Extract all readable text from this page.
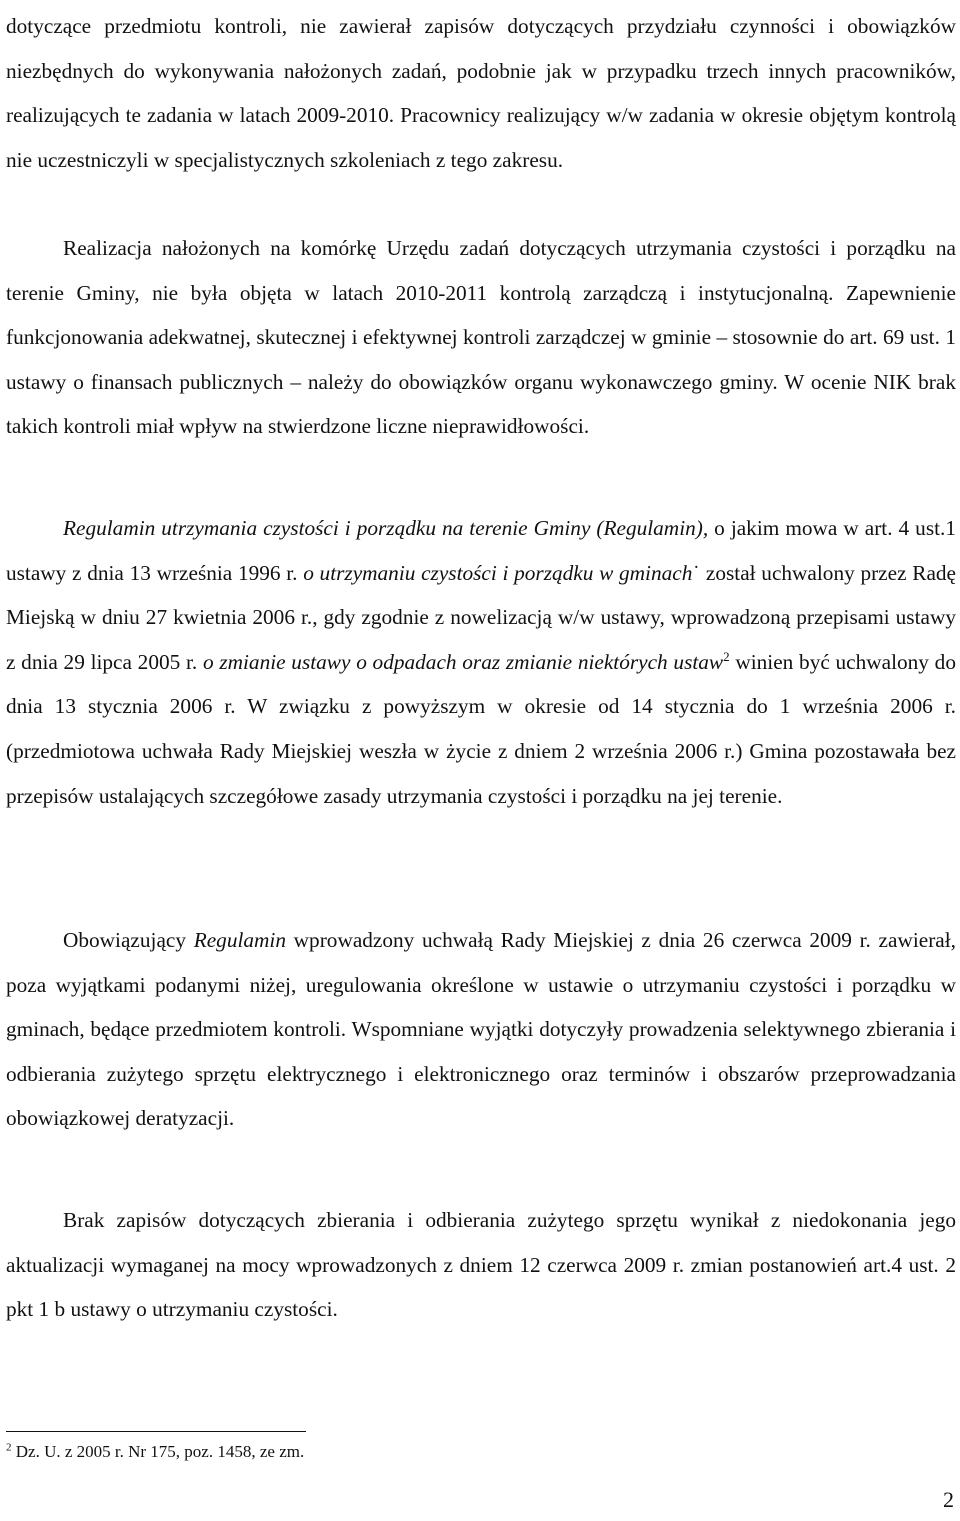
dotyczące przedmiotu kontroli, nie zawierał zapisów dotyczących przydziału czynności i obowiązków niezbędnych do wykonywania nałożonych zadań, podobnie jak w przypadku trzech innych pracowników, realizujących te zadania w latach 2009-2010. Pracownicy realizujący w/w zadania w okresie objętym kontrolą nie uczestniczyli w specjalistycznych szkoleniach z tego zakresu.

Realizacja nałożonych na komórkę Urzędu zadań dotyczących utrzymania czystości i porządku na terenie Gminy, nie była objęta w latach 2010-2011 kontrolą zarządczą i instytucjonalną. Zapewnienie funkcjonowania adekwatnej, skutecznej i efektywnej kontroli zarządczej w gminie – stosownie do art. 69 ust. 1 ustawy o finansach publicznych – należy do obowiązków organu wykonawczego gminy. W ocenie NIK brak takich kontroli miał wpływ na stwierdzone liczne nieprawidłowości.

Regulamin utrzymania czystości i porządku na terenie Gminy (Regulamin), o jakim mowa w art. 4 ust.1 ustawy z dnia 13 września 1996 r. o utrzymaniu czystości i porządku w gminach˙ został uchwalony przez Radę Miejską w dniu 27 kwietnia 2006 r., gdy zgodnie z nowelizacją w/w ustawy, wprowadzoną przepisami ustawy z dnia 29 lipca 2005 r. o zmianie ustawy o odpadach oraz zmianie niektórych ustaw$^2$ winien być uchwalony do dnia 13 stycznia 2006 r. W związku z powyższym w okresie od 14 stycznia do 1 września 2006 r. (przedmiotowa uchwała Rady Miejskiej weszła w życie z dniem 2 września 2006 r.) Gmina pozostawała bez przepisów ustalających szczegółowe zasady utrzymania czystości i porządku na jej terenie.

Obowiązujący Regulamin wprowadzony uchwałą Rady Miejskiej z dnia 26 czerwca 2009 r. zawierał, poza wyjątkami podanymi niżej, uregulowania określone w ustawie o utrzymaniu czystości i porządku w gminach, będące przedmiotem kontroli. Wspomniane wyjątki dotyczyły prowadzenia selektywnego zbierania i odbierania zużytego sprzętu elektrycznego i elektronicznego oraz terminów i obszarów przeprowadzania obowiązkowej deratyzacji.

Brak zapisów dotyczących zbierania i odbierania zużytego sprzętu wynikał z niedokonania jego aktualizacji wymaganej na mocy wprowadzonych z dniem 12 czerwca 2009 r. zmian postanowień art.4 ust. 2 pkt 1 b ustawy o utrzymaniu czystości.

$^2$ Dz. U. z 2005 r. Nr 175, poz. 1458, ze zm.
2
